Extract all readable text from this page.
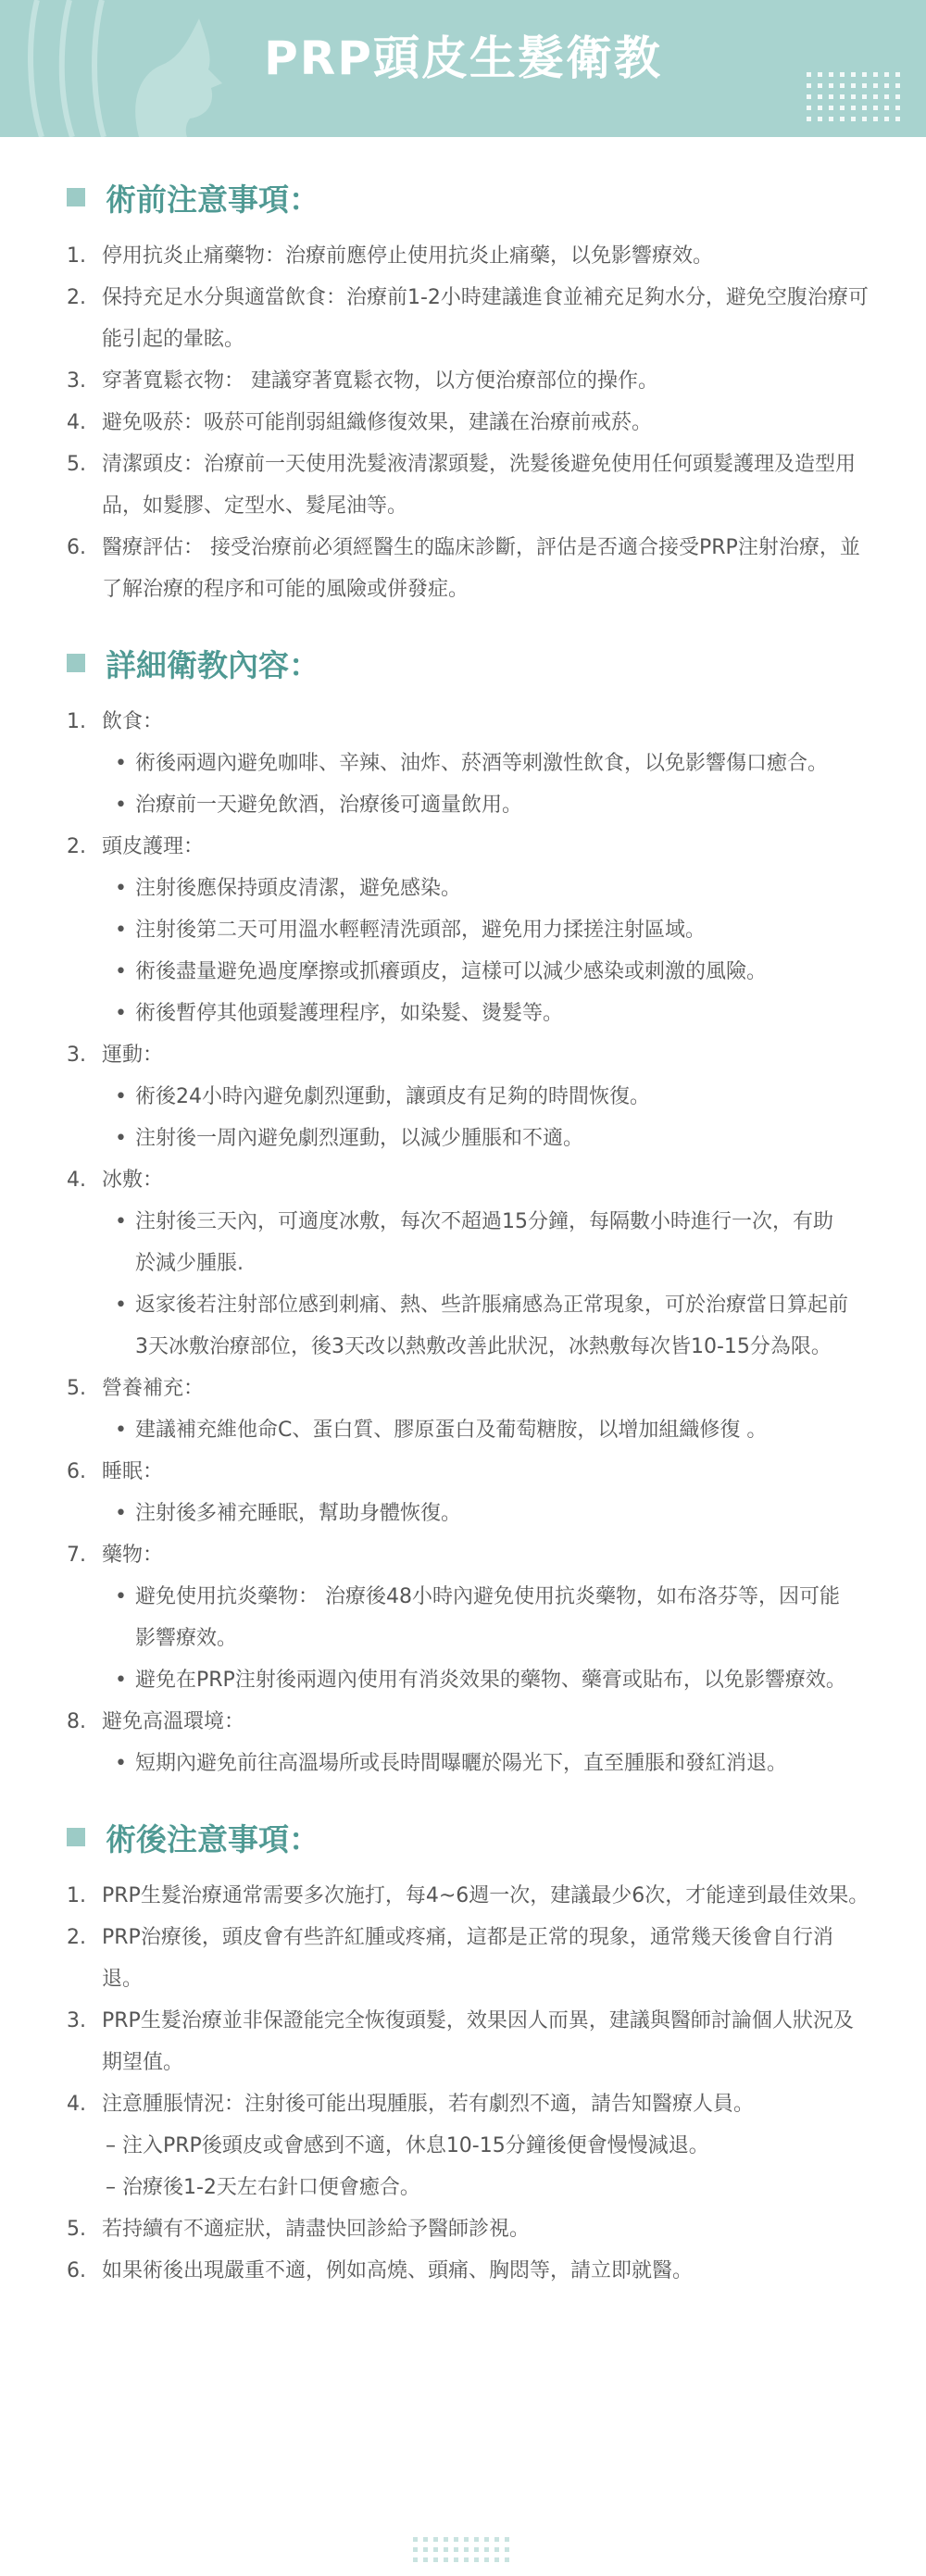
PRP頭皮生髮衛教
術前注意事項：
1. 停用抗炎止痛藥物：治療前應停止使用抗炎止痛藥，以免影響療效。
2. 保持充足水分與適當飲食：治療前1-2小時建議進食並補充足夠水分，避免空腹治療可能引起的暈眩。
3. 穿著寬鬆衣物： 建議穿著寬鬆衣物，以方便治療部位的操作。
4. 避免吸菸：吸菸可能削弱組織修復效果，建議在治療前戒菸。
5. 清潔頭皮：治療前一天使用洗髮液清潔頭髮，洗髮後避免使用任何頭髮護理及造型用品，如髮膠、定型水、髮尾油等。
6. 醫療評估： 接受治療前必須經醫生的臨床診斷，評估是否適合接受PRP注射治療，並了解治療的程序和可能的風險或併發症。
詳細衛教內容：
1. 飲食：
• 術後兩週內避免咖啡、辛辣、油炸、菸酒等刺激性飲食，以免影響傷口癒合。
• 治療前一天避免飲酒，治療後可適量飲用。
2. 頭皮護理：
• 注射後應保持頭皮清潔，避免感染。
• 注射後第二天可用溫水輕輕清洗頭部，避免用力揉搓注射區域。
• 術後盡量避免過度摩擦或抓癢頭皮，這樣可以減少感染或刺激的風險。
• 術後暫停其他頭髮護理程序，如染髮、燙髮等。
3. 運動：
• 術後24小時內避免劇烈運動，讓頭皮有足夠的時間恢復。
• 注射後一周內避免劇烈運動，以減少腫脹和不適。
4. 冰敷：
• 注射後三天內，可適度冰敷，每次不超過15分鐘，每隔數小時進行一次，有助於減少腫脹.
• 返家後若注射部位感到刺痛、熱、些許脹痛感為正常現象，可於治療當日算起前3天冰敷治療部位，後3天改以熱敷改善此狀況，冰熱敷每次皆10-15分為限。
5. 營養補充：
• 建議補充維他命C、蛋白質、膠原蛋白及葡萄糖胺，以增加組織修復 。
6. 睡眠：
• 注射後多補充睡眠，幫助身體恢復。
7. 藥物：
• 避免使用抗炎藥物： 治療後48小時內避免使用抗炎藥物，如布洛芬等，因可能影響療效。
• 避免在PRP注射後兩週內使用有消炎效果的藥物、藥膏或貼布，以免影響療效。
8. 避免高溫環境：
• 短期內避免前往高溫場所或長時間曝曬於陽光下，直至腫脹和發紅消退。
術後注意事項：
1. PRP生髮治療通常需要多次施打，每4~6週一次，建議最少6次，才能達到最佳效果。
2. PRP治療後，頭皮會有些許紅腫或疼痛，這都是正常的現象，通常幾天後會自行消退。
3. PRP生髮治療並非保證能完全恢復頭髮，效果因人而異，建議與醫師討論個人狀況及期望值。
4. 注意腫脹情況：注射後可能出現腫脹，若有劇烈不適，請告知醫療人員。
– 注入PRP後頭皮或會感到不適，休息10-15分鐘後便會慢慢減退。
– 治療後1-2天左右針口便會癒合。
5. 若持續有不適症狀，請盡快回診給予醫師診視。
6. 如果術後出現嚴重不適，例如高燒、頭痛、胸悶等，請立即就醫。
